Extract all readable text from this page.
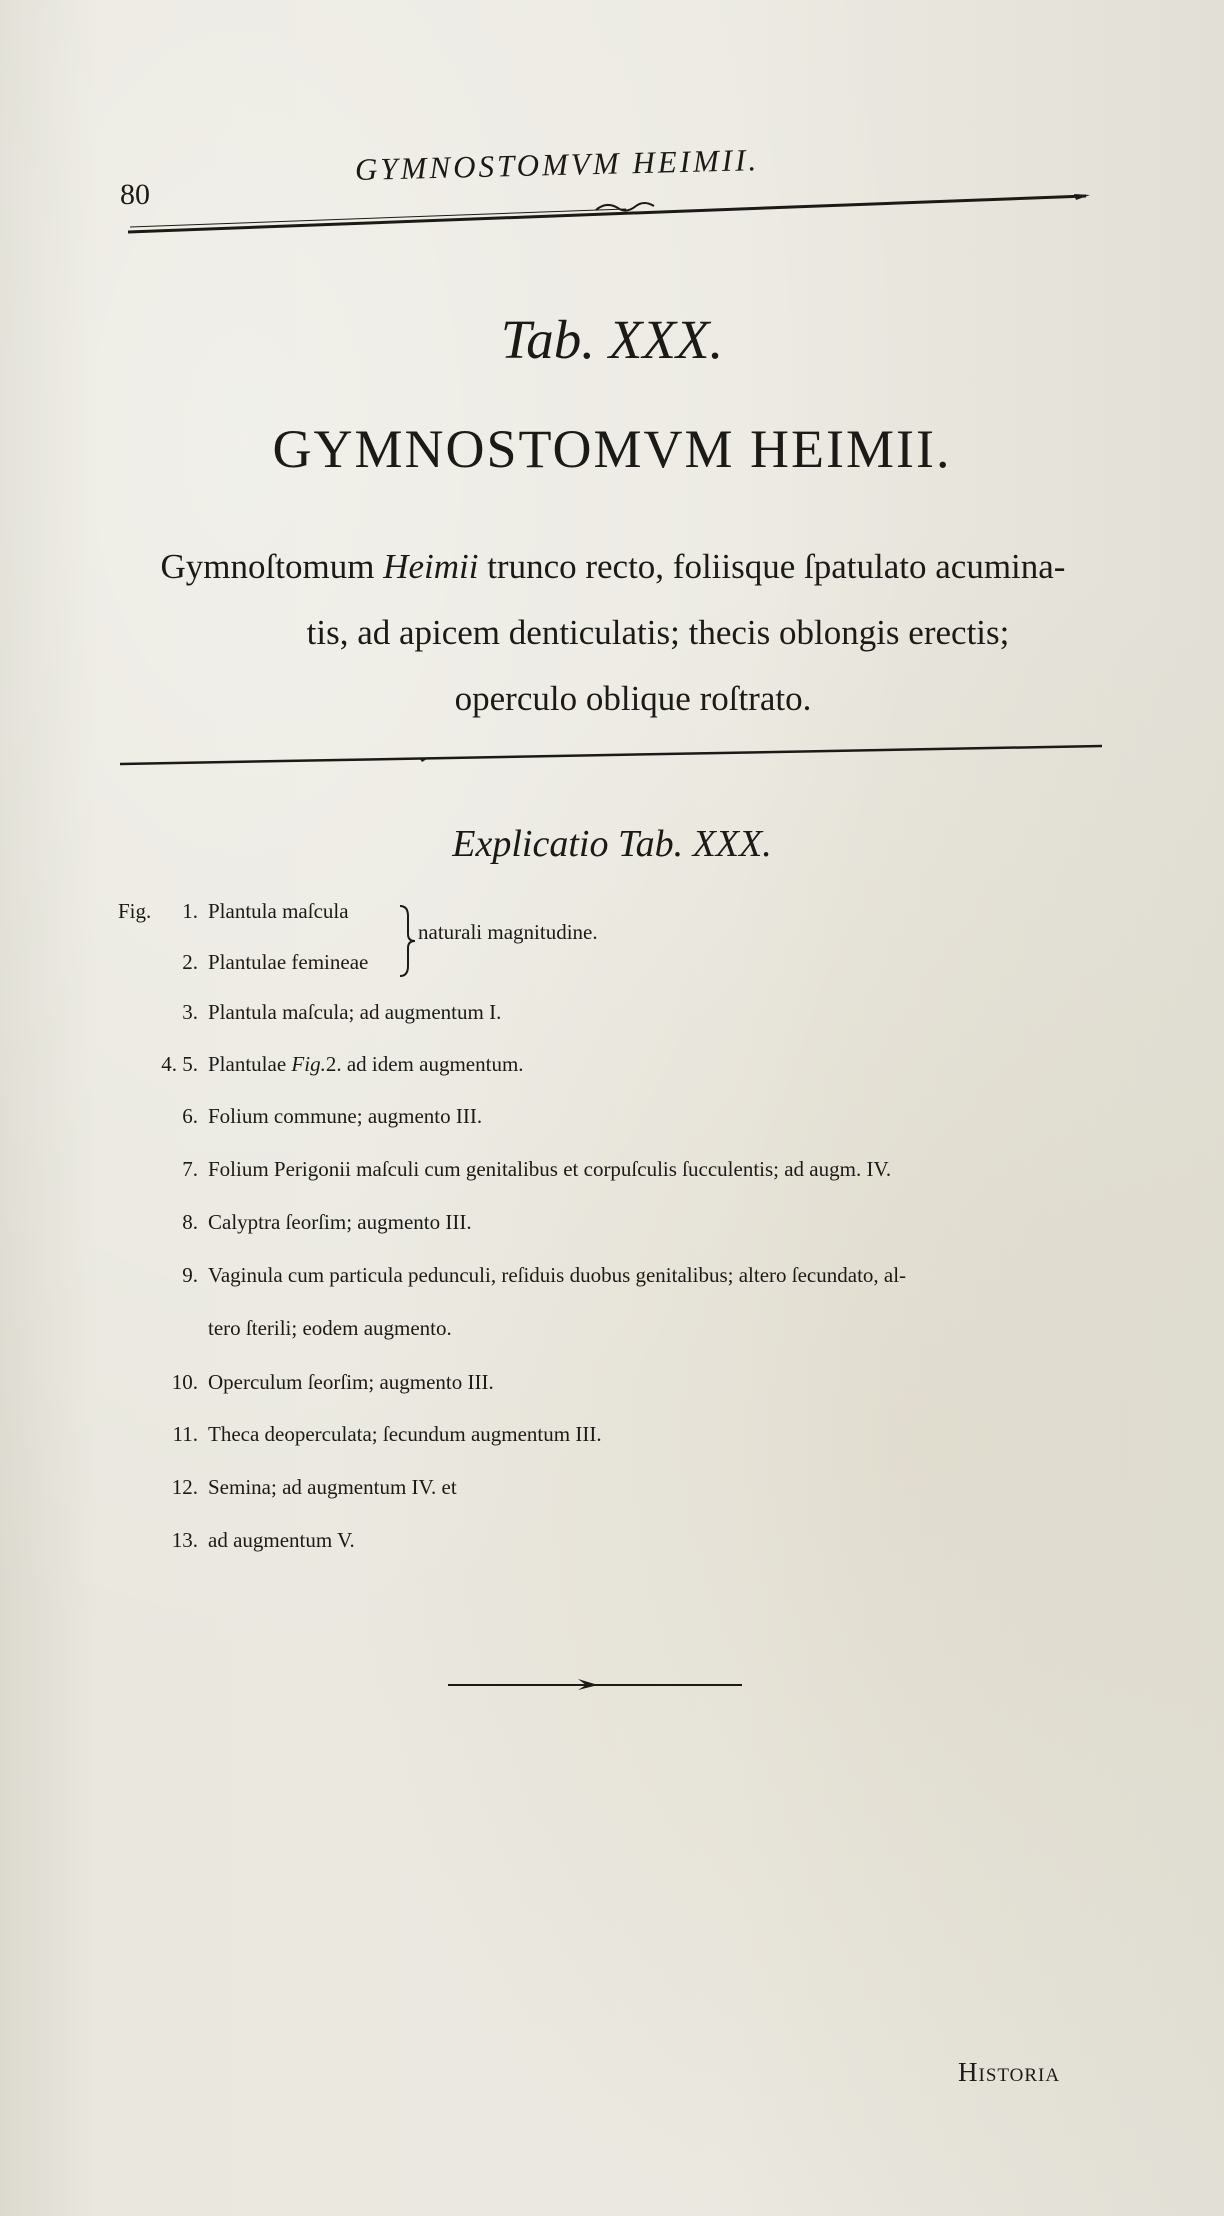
80
GYMNOSTOMVM HEIMII.
Tab. XXX.
GYMNOSTOMVM HEIMII.
Gymnoſtomum Heimii trunco recto, foliisque ſpatulato acumina-
tis, ad apicem denticulatis; thecis oblongis erectis;
operculo oblique roſtrato.
Explicatio Tab. XXX.
Fig.	1. Plantula maſcula
2. Plantulae femineae
naturali magnitudine.
3. Plantula maſcula; ad augmentum I.
4. 5. Plantulae Fig.2. ad idem augmentum.
6. Folium commune; augmento III.
7. Folium Perigonii maſculi cum genitalibus et corpuſculis ſucculentis; ad augm. IV.
8. Calyptra ſeorſim; augmento III.
9. Vaginula cum particula pedunculi, reſiduis duobus genitalibus; altero ſecundato, al-
tero ſterili; eodem augmento.
10. Operculum ſeorſim; augmento III.
11. Theca deoperculata; ſecundum augmentum III.
12. Semina; ad augmentum IV. et
13. ad augmentum V.
Historia
